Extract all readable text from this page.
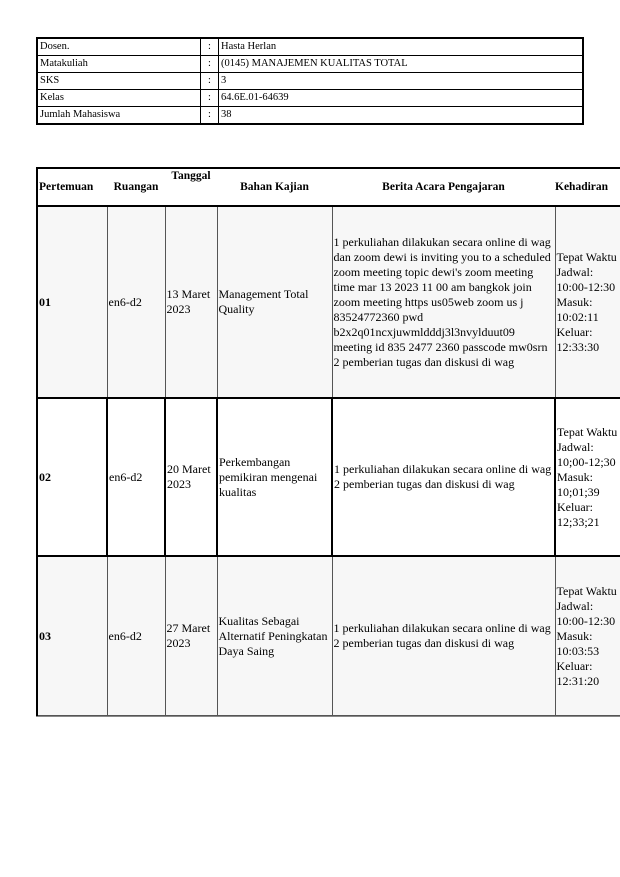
Dosen.	:	Hasta Herlan
Matakuliah	:	(0145) MANAJEMEN KUALITAS TOTAL
SKS	:	3
Kelas	:	64.6E.01-64639
Jumlah Mahasiswa	:	38
Pertemuan	Ruangan	Tanggal	Bahan Kajian	Berita Acara Pengajaran	Kehadiran
01	en6-d2	13 Maret 2023	Management Total Quality	1 perkuliahan dilakukan secara online di wag dan zoom dewi is inviting you to a scheduled zoom meeting topic dewi's zoom meeting time mar 13 2023 11 00 am bangkok join zoom meeting https us05web zoom us j 83524772360 pwd b2x2q01ncxjuwmldddj3l3nvylduut09 meeting id 835 2477 2360 passcode mw0srn 2 pemberian tugas dan diskusi di wag	Tepat Waktu Jadwal: 10:00-12:30 Masuk: 10:02:11 Keluar: 12:33:30
02	en6-d2	20 Maret 2023	Perkembangan pemikiran mengenai kualitas	1 perkuliahan dilakukan secara online di wag 2 pemberian tugas dan diskusi di wag	Tepat Waktu Jadwal: 10;00-12;30 Masuk: 10;01;39 Keluar: 12;33;21
03	en6-d2	27 Maret 2023	Kualitas Sebagai Alternatif Peningkatan Daya Saing	1 perkuliahan dilakukan secara online di wag 2 pemberian tugas dan diskusi di wag	Tepat Waktu Jadwal: 10:00-12:30 Masuk: 10:03:53 Keluar: 12:31:20
